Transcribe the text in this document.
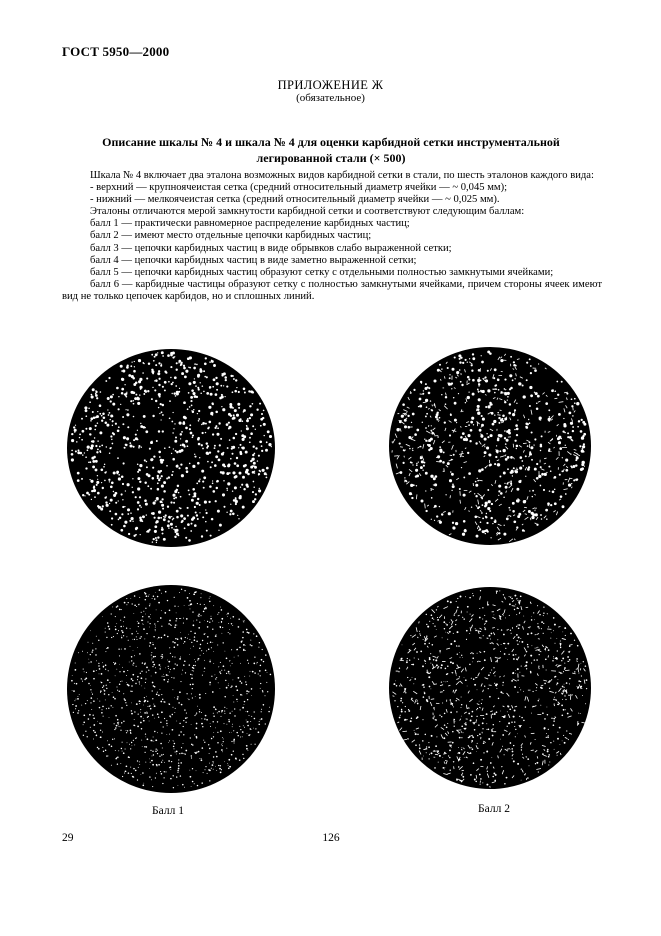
ГОСТ 5950—2000
ПРИЛОЖЕНИЕ Ж
(обязательное)
Описание шкалы № 4 и шкала № 4 для оценки карбидной сетки инструментальной легированной стали (× 500)

Шкала № 4 включает два эталона возможных видов карбидной сетки в стали, по шесть эталонов каждого вида:

- верхний — крупноячеистая сетка (средний относительный диаметр ячейки — ~ 0,045 мм);

- нижний — мелкоячеистая сетка (средний относительный диаметр ячейки — ~ 0,025 мм).

Эталоны отличаются мерой замкнутости карбидной сетки и соответствуют следующим баллам:

балл 1 — практически равномерное распределение карбидных частиц;

балл 2 — имеют место отдельные цепочки карбидных частиц;

балл 3 — цепочки карбидных частиц в виде обрывков слабо выраженной сетки;

балл 4 — цепочки карбидных частиц в виде заметно выраженной сетки;

балл 5 — цепочки карбидных частиц образуют сетку с отдельными полностью замкнутыми ячейками;

балл 6 — карбидные частицы образуют сетку с полностью замкнутыми ячейками, причем стороны ячеек имеют вид не только цепочек карбидов, но и сплошных линий.

Балл 1	Балл 2
29	126
